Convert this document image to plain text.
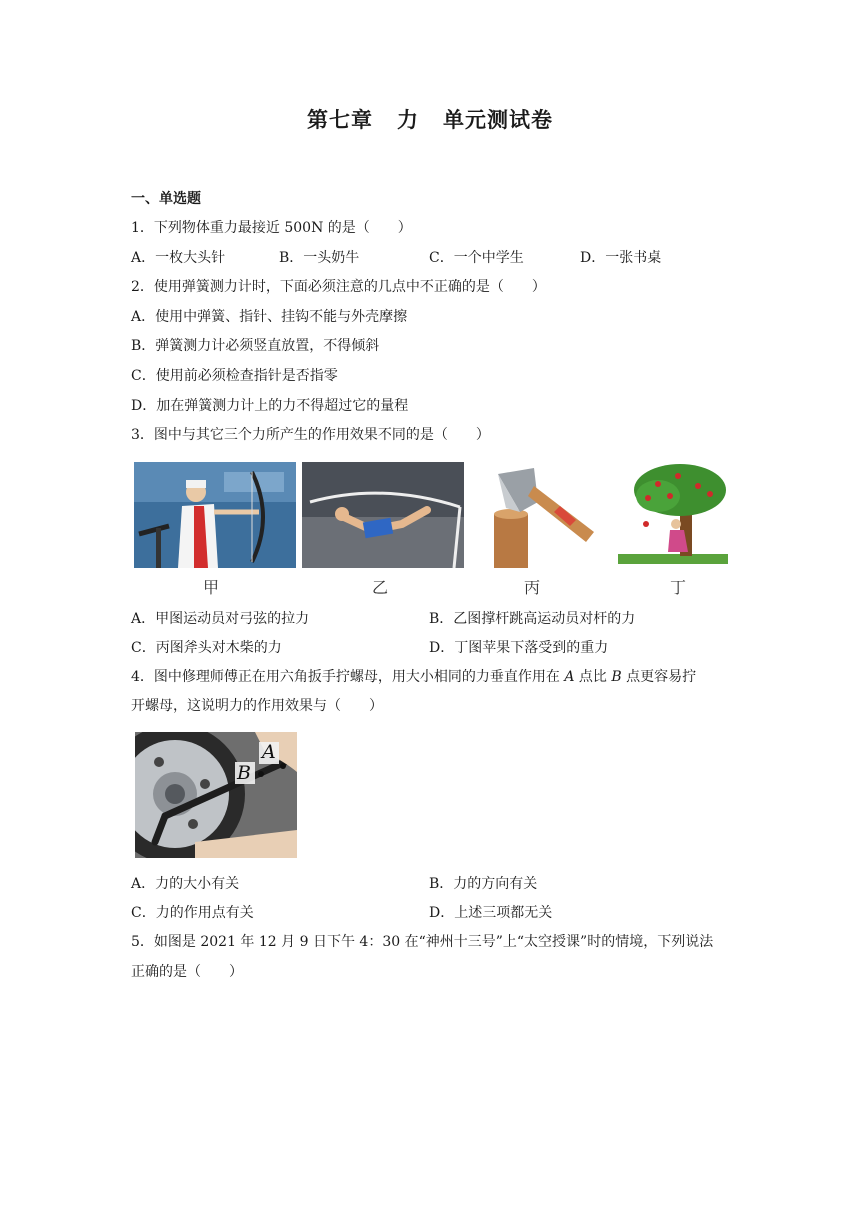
第七章 力 单元测试卷
一、单选题
1．下列物体重力最接近 500N 的是（　　）
A．一枚大头针	B．一头奶牛	C．一个中学生	D．一张书桌
2．使用弹簧测力计时，下面必须注意的几点中不正确的是（　　）
A．使用中弹簧、指针、挂钩不能与外壳摩擦
B．弹簧测力计必须竖直放置，不得倾斜
C．使用前必须检查指针是否指零
D．加在弹簧测力计上的力不得超过它的量程
3．图中与其它三个力所产生的作用效果不同的是（　　）
甲	乙	丙	丁
A．甲图运动员对弓弦的拉力	B．乙图撑杆跳高运动员对杆的力
C．丙图斧头对木柴的力	D．丁图苹果下落受到的重力
4．图中修理师傅正在用六角扳手拧螺母，用大小相同的力垂直作用在 A 点比 B 点更容易拧
开螺母，这说明力的作用效果与（　　）
B
A
A．力的大小有关	B．力的方向有关
C．力的作用点有关	D．上述三项都无关
5．如图是 2021 年 12 月 9 日下午 4：30 在“神州十三号”上“太空授课”时的情境，下列说法
正确的是（　　）
